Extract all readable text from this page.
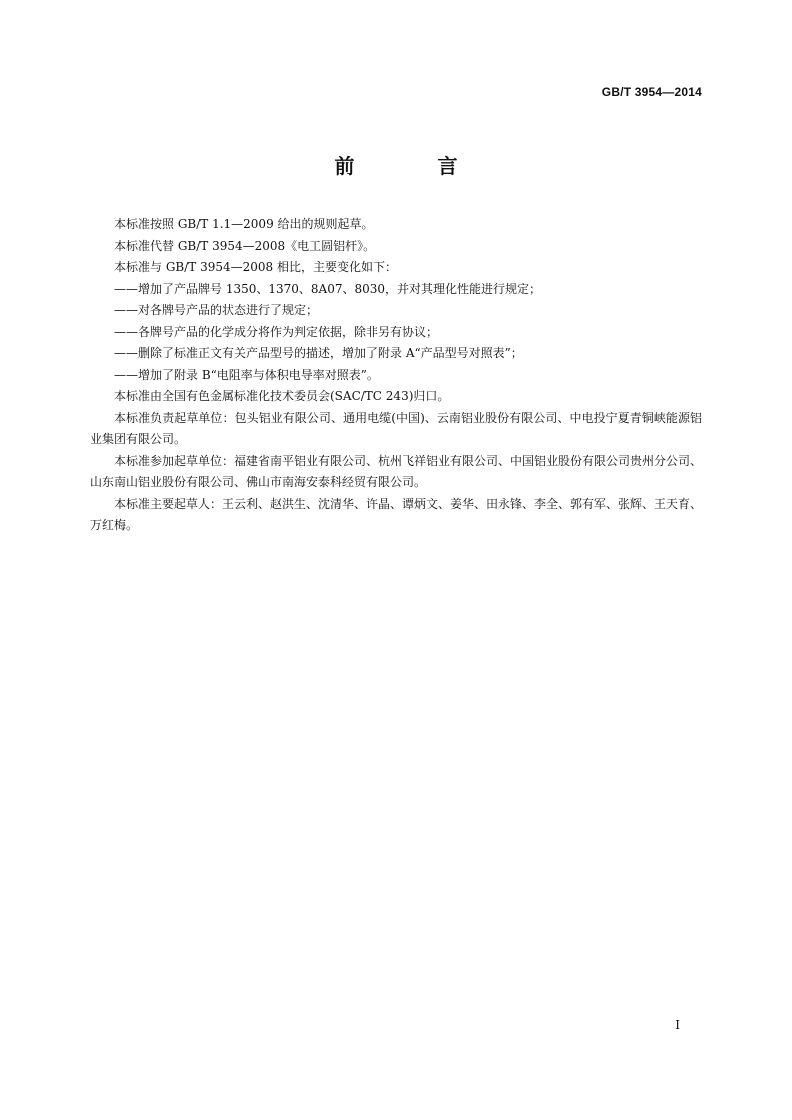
GB/T 3954—2014
前 言

本标准按照 GB/T 1.1—2009 给出的规则起草。

本标准代替 GB/T 3954—2008《电工圆铝杆》。

本标准与 GB/T 3954—2008 相比，主要变化如下：

——增加了产品牌号 1350、1370、8A07、8030，并对其理化性能进行规定；

——对各牌号产品的状态进行了规定；

——各牌号产品的化学成分将作为判定依据，除非另有协议；

——删除了标准正文有关产品型号的描述，增加了附录 A“产品型号对照表”；

——增加了附录 B“电阻率与体积电导率对照表”。

本标准由全国有色金属标准化技术委员会(SAC/TC 243)归口。

本标准负责起草单位：包头铝业有限公司、通用电缆(中国)、云南铝业股份有限公司、中电投宁夏青铜峡能源铝业集团有限公司。

本标准参加起草单位：福建省南平铝业有限公司、杭州飞祥铝业有限公司、中国铝业股份有限公司贵州分公司、山东南山铝业股份有限公司、佛山市南海安泰科经贸有限公司。

本标准主要起草人：王云利、赵洪生、沈清华、许晶、谭炳文、姜华、田永锋、李全、郭有军、张辉、王天育、万红梅。

I
